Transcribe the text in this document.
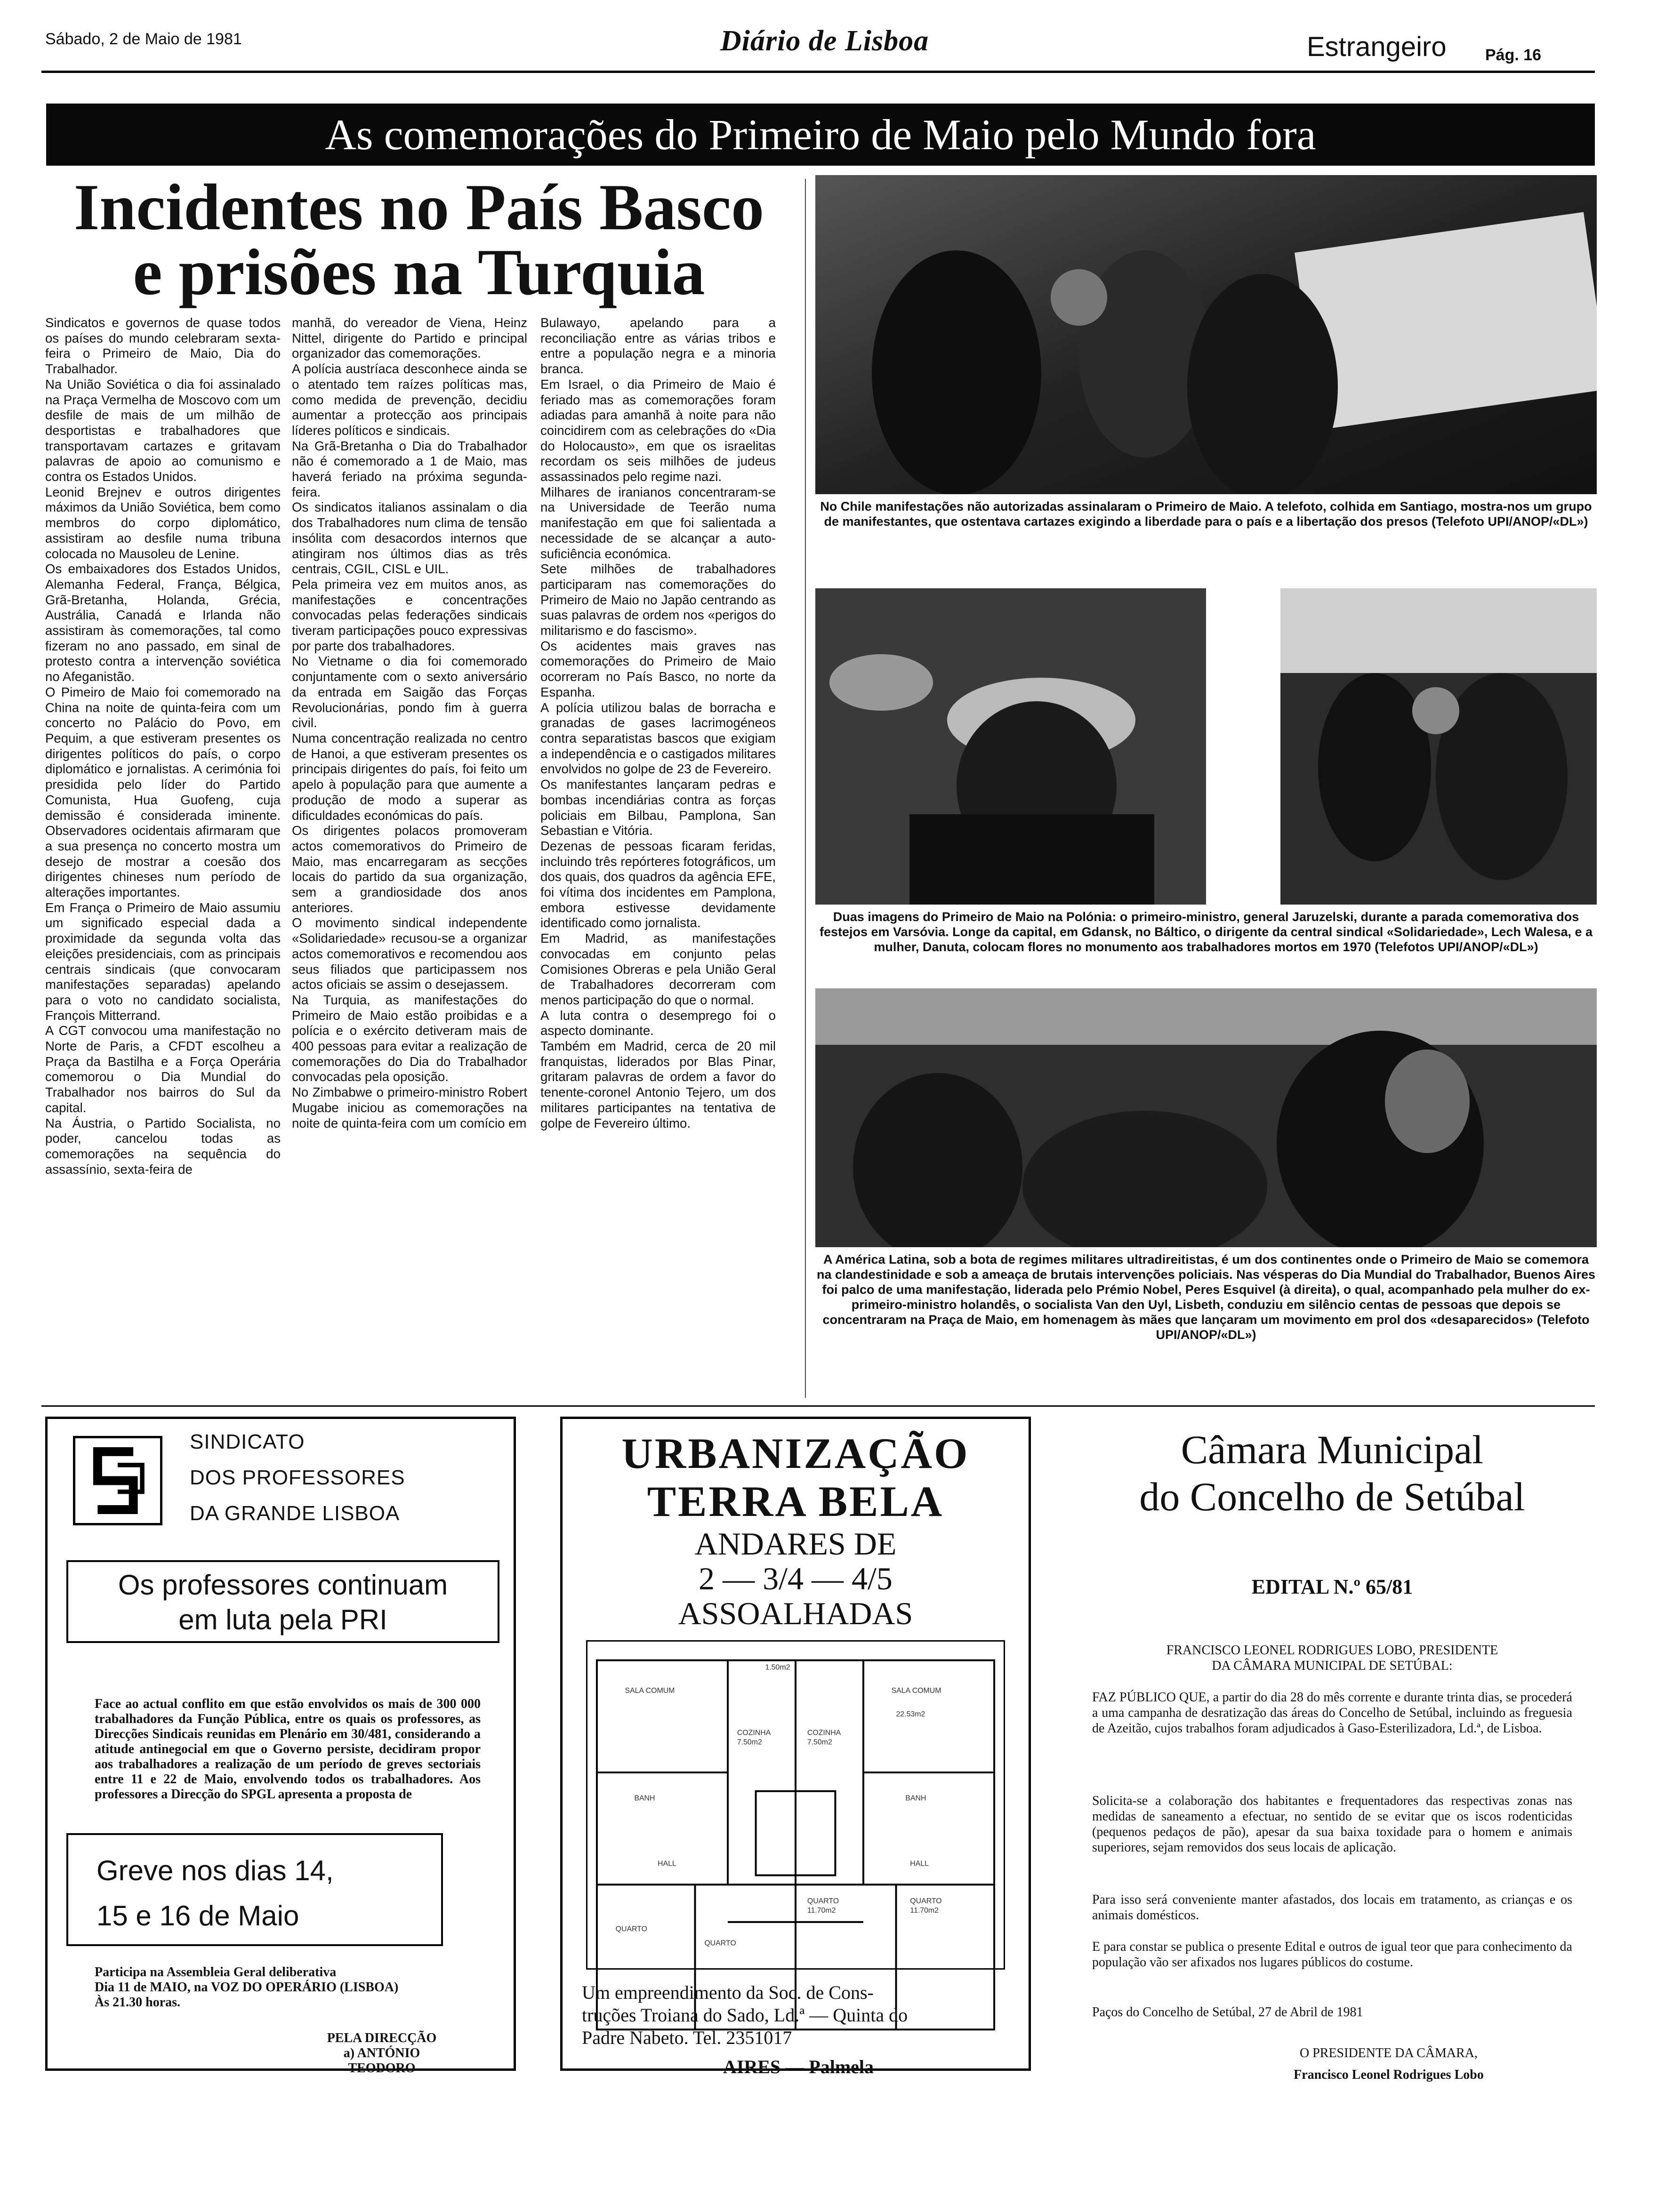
Sábado, 2 de Maio de 1981	Diário de Lisboa	Estrangeiro Pág. 16
As comemorações do Primeiro de Maio pelo Mundo fora
Incidentes no País Basco
e prisões na Turquia
Sindicatos e governos de quase todos os países do mundo celebraram sexta-feira o Primeiro de Maio, Dia do Trabalhador.
Na União Soviética o dia foi assinalado na Praça Vermelha de Moscovo com um desfile de mais de um milhão de desportistas e trabalhadores que transportavam cartazes e gritavam palavras de apoio ao comunismo e contra os Estados Unidos.
Leonid Brejnev e outros dirigentes máximos da União Soviética, bem como membros do corpo diplomático, assistiram ao desfile numa tribuna colocada no Mausoleu de Lenine.
Os embaixadores dos Estados Unidos, Alemanha Federal, França, Bélgica, Grã-Bretanha, Holanda, Grécia, Austrália, Canadá e Irlanda não assistiram às comemorações, tal como fizeram no ano passado, em sinal de protesto contra a intervenção soviética no Afeganistão.
O Pimeiro de Maio foi comemorado na China na noite de quinta-feira com um concerto no Palácio do Povo, em Pequim, a que estiveram presentes os dirigentes políticos do país, o corpo diplomático e jornalistas. A cerimónia foi presidida pelo líder do Partido Comunista, Hua Guofeng, cuja demissão é considerada iminente. Observadores ocidentais afirmaram que a sua presença no concerto mostra um desejo de mostrar a coesão dos dirigentes chineses num período de alterações importantes.
Em França o Primeiro de Maio assumiu um significado especial dada a proximidade da segunda volta das eleições presidenciais, com as principais centrais sindicais (que convocaram manifestações separadas) apelando para o voto no candidato socialista, François Mitterrand.
A CGT convocou uma manifestação no Norte de Paris, a CFDT escolheu a Praça da Bastilha e a Força Operária comemorou o Dia Mundial do Trabalhador nos bairros do Sul da capital.
Na Áustria, o Partido Socialista, no poder, cancelou todas as comemorações na sequência do assassínio, sexta-feira de
manhã, do vereador de Viena, Heinz Nittel, dirigente do Partido e principal organizador das comemorações.
A polícia austríaca desconhece ainda se o atentado tem raízes políticas mas, como medida de prevenção, decidiu aumentar a protecção aos principais líderes políticos e sindicais.
Na Grã-Bretanha o Dia do Trabalhador não é comemorado a 1 de Maio, mas haverá feriado na próxima segunda-feira.
Os sindicatos italianos assinalam o dia dos Trabalhadores num clima de tensão insólita com desacordos internos que atingiram nos últimos dias as três centrais, CGIL, CISL e UIL.
Pela primeira vez em muitos anos, as manifestações e concentrações convocadas pelas federações sindicais tiveram participações pouco expressivas por parte dos trabalhadores.
No Vietname o dia foi comemorado conjuntamente com o sexto aniversário da entrada em Saigão das Forças Revolucionárias, pondo fim à guerra civil.
Numa concentração realizada no centro de Hanoi, a que estiveram presentes os principais dirigentes do país, foi feito um apelo à população para que aumente a produção de modo a superar as dificuldades económicas do país.
Os dirigentes polacos promoveram actos comemorativos do Primeiro de Maio, mas encarregaram as secções locais do partido da sua organização, sem a grandiosidade dos anos anteriores.
O movimento sindical independente «Solidariedade» recusou-se a organizar actos comemorativos e recomendou aos seus filiados que participassem nos actos oficiais se assim o desejassem.
Na Turquia, as manifestações do Primeiro de Maio estão proibidas e a polícia e o exército detiveram mais de 400 pessoas para evitar a realização de comemorações do Dia do Trabalhador convocadas pela oposição.
No Zimbabwe o primeiro-ministro Robert Mugabe iniciou as comemorações na noite de quinta-feira com um comício em
Bulawayo, apelando para a reconciliação entre as várias tribos e entre a população negra e a minoria branca.
Em Israel, o dia Primeiro de Maio é feriado mas as comemorações foram adiadas para amanhã à noite para não coincidirem com as celebrações do «Dia do Holocausto», em que os israelitas recordam os seis milhões de judeus assassinados pelo regime nazi.
Milhares de iranianos concentraram-se na Universidade de Teerão numa manifestação em que foi salientada a necessidade de se alcançar a auto-suficiência económica.
Sete milhões de trabalhadores participaram nas comemorações do Primeiro de Maio no Japão centrando as suas palavras de ordem nos «perigos do militarismo e do fascismo».
Os acidentes mais graves nas comemorações do Primeiro de Maio ocorreram no País Basco, no norte da Espanha.
A polícia utilizou balas de borracha e granadas de gases lacrimogéneos contra separatistas bascos que exigiam a independência e o castigados militares envolvidos no golpe de 23 de Fevereiro.
Os manifestantes lançaram pedras e bombas incendiárias contra as forças policiais em Bilbau, Pamplona, San Sebastian e Vitória.
Dezenas de pessoas ficaram feridas, incluindo três repórteres fotográficos, um dos quais, dos quadros da agência EFE, foi vítima dos incidentes em Pamplona, embora estivesse devidamente identificado como jornalista.
Em Madrid, as manifestações convocadas em conjunto pelas Comisiones Obreras e pela União Geral de Trabalhadores decorreram com menos participação do que o normal.
A luta contra o desemprego foi o aspecto dominante.
Também em Madrid, cerca de 20 mil franquistas, liderados por Blas Pinar, gritaram palavras de ordem a favor do tenente-coronel Antonio Tejero, um dos militares participantes na tentativa de golpe de Fevereiro último.
No Chile manifestações não autorizadas assinalaram o Primeiro de Maio. A telefoto, colhida em Santiago, mostra-nos um grupo de manifestantes, que ostentava cartazes exigindo a liberdade para o país e a libertação dos presos (Telefoto UPI/ANOP/«DL»)
Duas imagens do Primeiro de Maio na Polónia: o primeiro-ministro, general Jaruzelski, durante a parada comemorativa dos festejos em Varsóvia. Longe da capital, em Gdansk, no Báltico, o dirigente da central sindical «Solidariedade», Lech Walesa, e a mulher, Danuta, colocam flores no monumento aos trabalhadores mortos em 1970 (Telefotos UPI/ANOP/«DL»)
A América Latina, sob a bota de regimes militares ultradireitistas, é um dos continentes onde o Primeiro de Maio se comemora na clandestinidade e sob a ameaça de brutais intervenções policiais. Nas vésperas do Dia Mundial do Trabalhador, Buenos Aires foi palco de uma manifestação, liderada pelo Prémio Nobel, Peres Esquivel (à direita), o qual, acompanhado pela mulher do ex-primeiro-ministro holandês, o socialista Van den Uyl, Lisbeth, conduziu em silêncio centas de pessoas que depois se concentraram na Praça de Maio, em homenagem às mães que lançaram um movimento em prol dos «desaparecidos» (Telefoto UPI/ANOP/«DL»)
SINDICATO
DOS PROFESSORES
DA GRANDE LISBOA
Os professores continuam
em luta pela PRI
Face ao actual conflito em que estão envolvidos os mais de 300 000 trabalhadores da Função Pública, entre os quais os professores, as Direcções Sindicais reunidas em Plenário em 30/481, considerando a atitude antinegocial em que o Governo persiste, decidiram propor aos trabalhadores a realização de um período de greves sectoriais entre 11 e 22 de Maio, envolvendo todos os trabalhadores. Aos professores a Direcção do SPGL apresenta a proposta de
Greve nos dias 14,
15 e 16 de Maio
Participa na Assembleia Geral deliberativa
Dia 11 de MAIO, na VOZ DO OPERÁRIO (LISBOA)
Às 21.30 horas.
PELA DIRECÇÃO
a) ANTÓNIO TEODORO
URBANIZAÇÃO
TERRA BELA
ANDARES DE
2 — 3/4 — 4/5
ASSOALHADAS
SALA COMUM	SALA COMUM
22.53m2
COZINHA
7.50m2
COZINHA
7.50m2
1.50m2
BANH	BANH
HALL	HALL
QUARTO
QUARTO
QUARTO
11.70m2
QUARTO
11.70m2
Câmara Municipal
do Concelho de Setúbal
EDITAL N.º 65/81
FRANCISCO LEONEL RODRIGUES LOBO, PRESIDENTE
DA CÂMARA MUNICIPAL DE SETÚBAL:
FAZ PÚBLICO QUE, a partir do dia 28 do mês corrente e durante trinta dias, se procederá a uma campanha de desratização das áreas do Concelho de Setúbal, incluindo as freguesia de Azeitão, cujos trabalhos foram adjudicados à Gaso-Esterilizadora, Ld.ª, de Lisboa.
Solicita-se a colaboração dos habitantes e frequentadores das respectivas zonas nas medidas de saneamento a efectuar, no sentido de se evitar que os iscos rodenticidas (pequenos pedaços de pão), apesar da sua baixa toxidade para o homem e animais superiores, sejam removidos dos seus locais de aplicação.
Para isso será conveniente manter afastados, dos locais em tratamento, as crianças e os animais domésticos.
E para constar se publica o presente Edital e outros de igual teor que para conhecimento da população vão ser afixados nos lugares públicos do costume.
Paços do Concelho de Setúbal, 27 de Abril de 1981
O PRESIDENTE DA CÂMARA,
Francisco Leonel Rodrigues Lobo
Um empreendimento da Soc. de Cons-
truções Troiana do Sado, Ld.ª — Quinta do
Padre Nabeto. Tel. 2351017
AIRES — Palmela
